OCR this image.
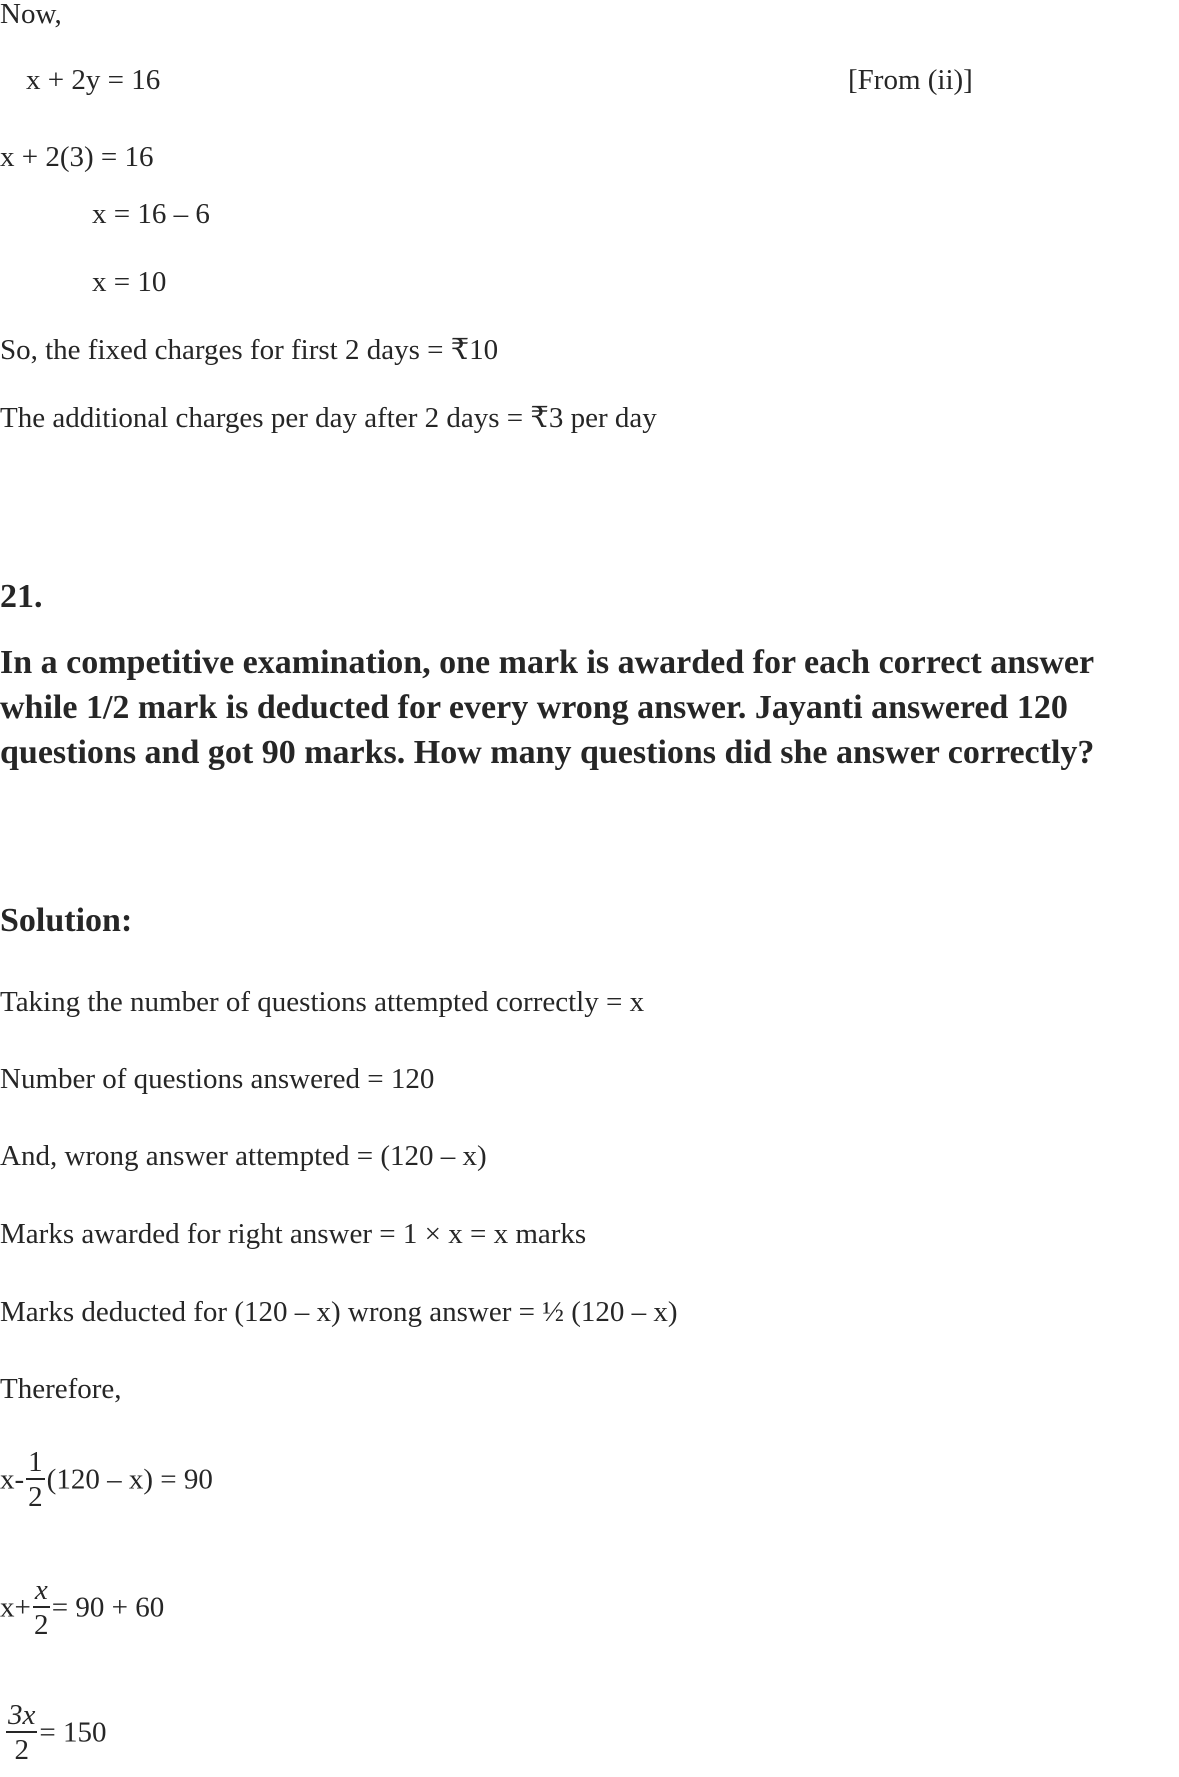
Now,
x + 2y = 16	[From (ii)]
x + 2(3) = 16
x = 16 – 6
x = 10
So, the fixed charges for first 2 days = ₹10
The additional charges per day after 2 days = ₹3 per day
21.
In a competitive examination, one mark is awarded for each correct answer while 1/2 mark is deducted for every wrong answer. Jayanti answered 120 questions and got 90 marks. How many questions did she answer correctly?
Solution:
Taking the number of questions attempted correctly = x
Number of questions answered = 120
And, wrong answer attempted = (120 – x)
Marks awarded for right answer = 1 × x = x marks
Marks deducted for (120 – x) wrong answer = ½ (120 – x)
Therefore,
$x- \frac{1}{2} (120 - x) = 90$
$x+ \frac{x}{2} = 90 + 60$
$\frac{3x}{2} = 150$
